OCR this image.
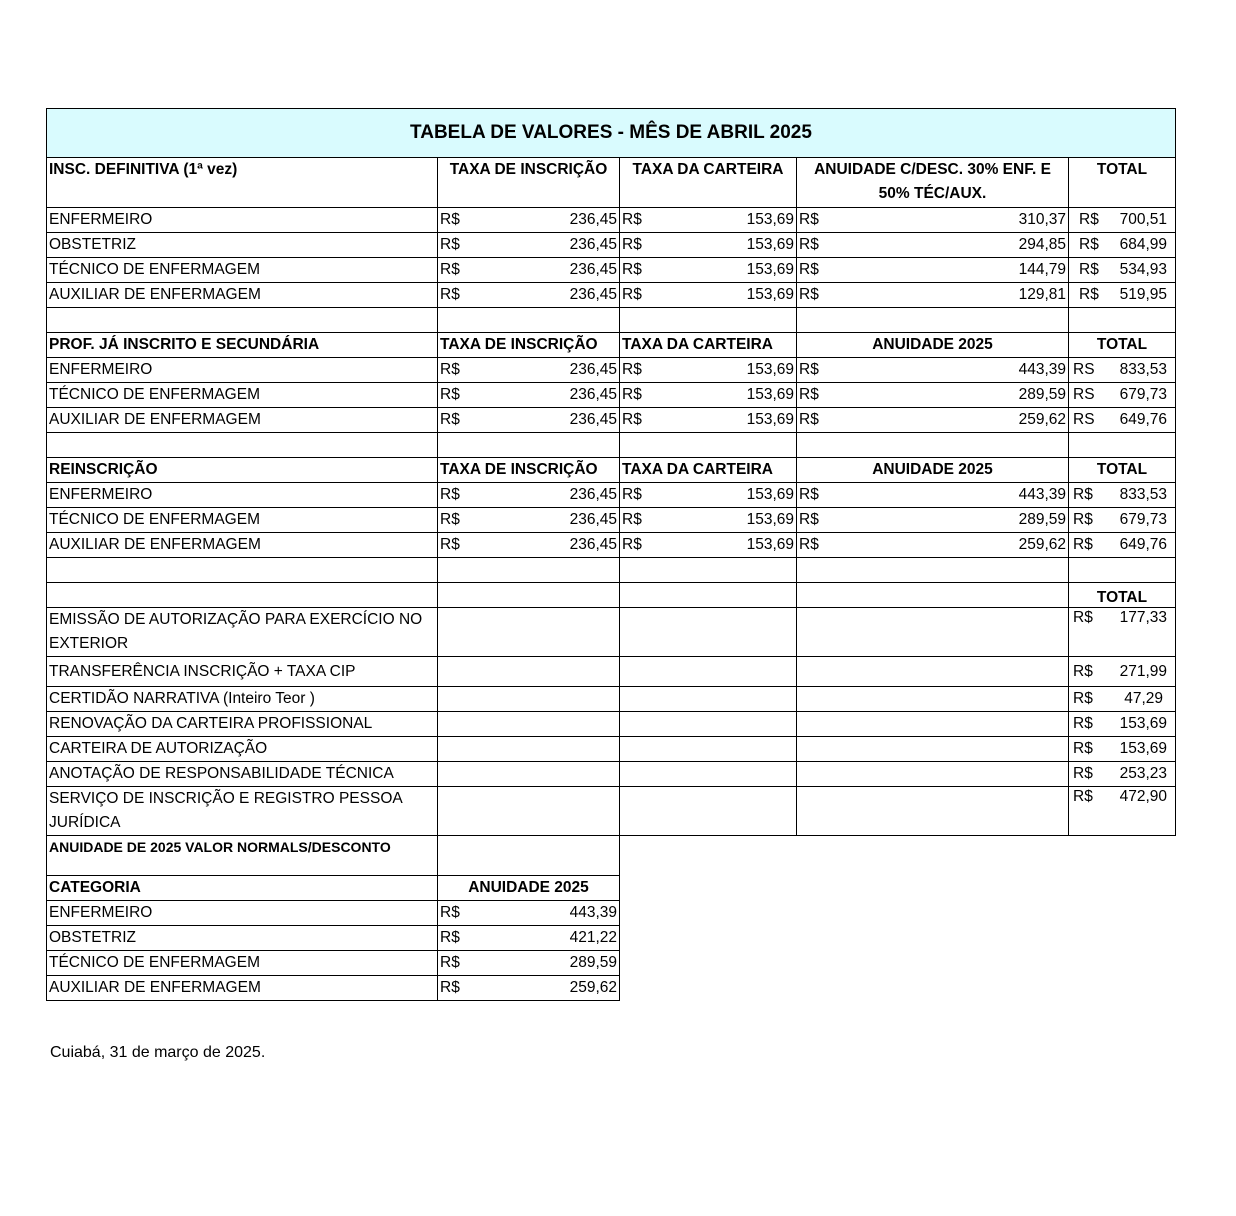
TABELA DE VALORES - MÊS DE ABRIL 2025				
INSC. DEFINITIVA (1ª vez)	TAXA DE INSCRIÇÃO	TAXA DA CARTEIRA	ANUIDADE C/DESC. 30% ENF. E 50% TÉC/AUX.	TOTAL
ENFERMEIRO	R$ 236,45	R$ 153,69	R$ 310,37	R$ 700,51

OBSTETRIZ	R$ 236,45	R$ 153,69	R$ 294,85	R$ 684,99

TÉCNICO DE ENFERMAGEM	R$ 236,45	R$ 153,69	R$ 144,79	R$ 534,93

AUXILIAR DE ENFERMAGEM	R$ 236,45	R$ 153,69	R$ 129,81	R$ 519,95

PROF. JÁ INSCRITO E SECUNDÁRIA	TAXA DE INSCRIÇÃO	TAXA DA CARTEIRA	ANUIDADE 2025	TOTAL
ENFERMEIRO	R$ 236,45	R$ 153,69	R$ 443,39	RS 833,53

TÉCNICO DE ENFERMAGEM	R$ 236,45	R$ 153,69	R$ 289,59	RS 679,73

AUXILIAR DE ENFERMAGEM	R$ 236,45	R$ 153,69	R$ 259,62	RS 649,76

REINSCRIÇÃO	TAXA DE INSCRIÇÃO	TAXA DA CARTEIRA	ANUIDADE 2025	TOTAL
ENFERMEIRO	R$ 236,45	R$ 153,69	R$ 443,39	R$ 833,53

TÉCNICO DE ENFERMAGEM	R$ 236,45	R$ 153,69	R$ 289,59	R$ 679,73

AUXILIAR DE ENFERMAGEM	R$ 236,45	R$ 153,69	R$ 259,62	R$ 649,76

				TOTAL
EMISSÃO DE AUTORIZAÇÃO PARA EXERCÍCIO NO EXTERIOR				R$ 177,33

TRANSFERÊNCIA INSCRIÇÃO + TAXA CIP				R$ 271,99

CERTIDÃO NARRATIVA (Inteiro Teor )				R$ 47,29

RENOVAÇÃO DA CARTEIRA PROFISSIONAL				R$ 153,69

CARTEIRA DE AUTORIZAÇÃO				R$ 153,69

ANOTAÇÃO DE RESPONSABILIDADE TÉCNICA				R$ 253,23

SERVIÇO DE INSCRIÇÃO E REGISTRO PESSOA JURÍDICA				R$ 472,90

ANUIDADE DE 2025 VALOR NORMALS/DESCONTO				
CATEGORIA	ANUIDADE 2025			
ENFERMEIRO	R$ 443,39			

OBSTETRIZ	R$ 421,22			

TÉCNICO DE ENFERMAGEM	R$ 289,59			

AUXILIAR DE ENFERMAGEM	R$ 259,62			

Cuiabá, 31 de março de 2025.
